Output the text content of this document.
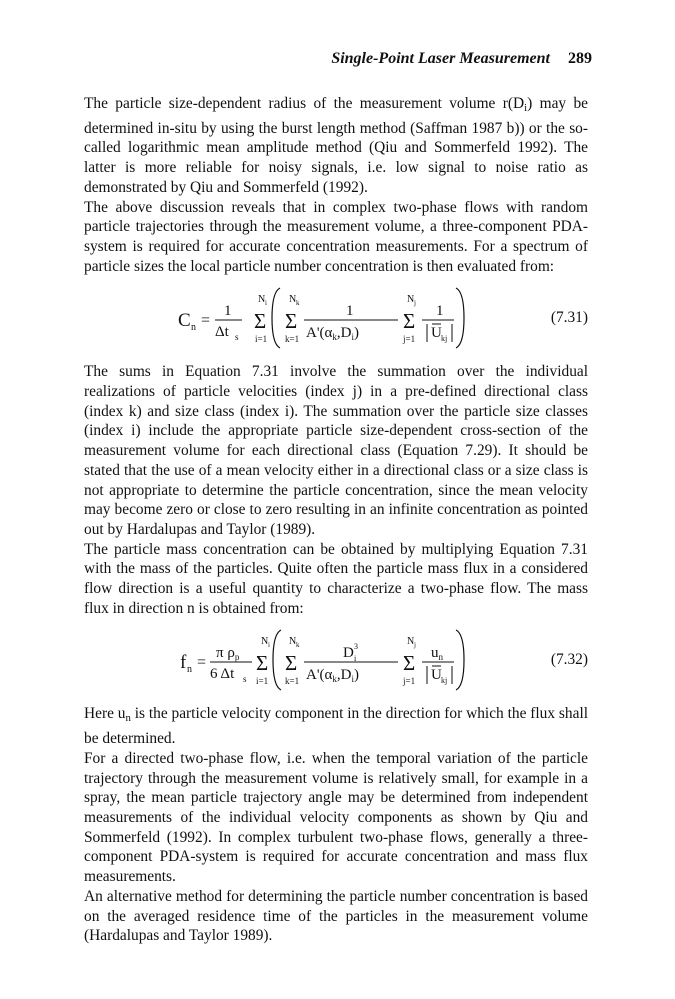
Single-Point Laser Measurement 289

The particle size-dependent radius of the measurement volume $r(D_i)$ may be determined in-situ by using the burst length method (Saffman 1987 b)) or the so-called logarithmic mean amplitude method (Qiu and Sommerfeld 1992). The latter is more reliable for noisy signals, i.e. low signal to noise ratio as demonstrated by Qiu and Sommerfeld (1992).

The above discussion reveals that in complex two-phase flows with random particle trajectories through the measurement volume, a three-component PDA-system is required for accurate concentration measurements. For a spectrum of particle sizes the local particle number concentration is then evaluated from:

C n =
1
Δt s
N i
Σ
i=1
N k
Σ
k=1
1
$A'(\alpha_k,D_i)$
N j
Σ
j=1
1
U kj
(7.31)

The sums in Equation 7.31 involve the summation over the individual realizations of particle velocities (index j) in a pre-defined directional class (index k) and size class (index i). The summation over the particle size classes (index i) include the appropriate particle size-dependent cross-section of the measurement volume for each directional class (Equation 7.29). It should be stated that the use of a mean velocity either in a directional class or a size class is not appropriate to determine the particle concentration, since the mean velocity may become zero or close to zero resulting in an infinite concentration as pointed out by Hardalupas and Taylor (1989).

The particle mass concentration can be obtained by multiplying Equation 7.31 with the mass of the particles. Quite often the particle mass flux in a considered flow direction is a useful quantity to characterize a two-phase flow. The mass flux in direction n is obtained from:

f n =
π $\rho_p$
6 Δt s
N i
Σ
i=1
N k
Σ
k=1
D 3
i
$A'(\alpha_k,D_i)$
N j
Σ
j=1
$u_n$
U kj
(7.32)

Here $u_n$ is the particle velocity component in the direction for which the flux shall be determined.

For a directed two-phase flow, i.e. when the temporal variation of the particle trajectory through the measurement volume is relatively small, for example in a spray, the mean particle trajectory angle may be determined from independent measurements of the individual velocity components as shown by Qiu and Sommerfeld (1992). In complex turbulent two-phase flows, generally a three-component PDA-system is required for accurate concentration and mass flux measurements.

An alternative method for determining the particle number concentration is based on the averaged residence time of the particles in the measurement volume (Hardalupas and Taylor 1989).
